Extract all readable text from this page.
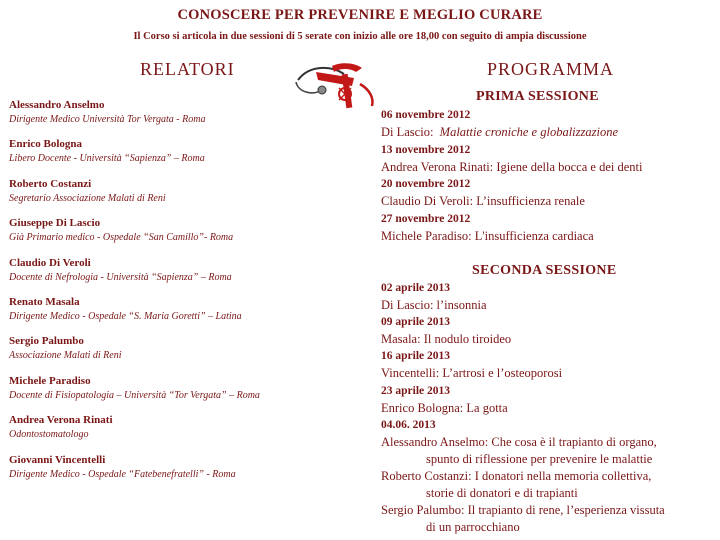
CONOSCERE PER PREVENIRE E MEGLIO CURARE
Il Corso si articola in due sessioni di 5 serate con inizio alle ore 18,00 con seguito di ampia discussione
RELATORI	PROGRAMMA
Alessandro Anselmo
Dirigente Medico Università Tor Vergata - Roma
Enrico Bologna
Libero Docente - Università “Sapienza” – Roma
Roberto Costanzi
Segretario Associazione Malati di Reni
Giuseppe Di Lascio
Già Primario medico - Ospedale “San Camillo”- Roma
Claudio Di Veroli
Docente di Nefrologia - Università “Sapienza” – Roma
Renato Masala
Dirigente Medico - Ospedale “S. Maria Goretti” – Latina
Sergio Palumbo
Associazione Malati di Reni
Michele Paradiso
Docente di Fisiopatologia – Università “Tor Vergata” – Roma
Andrea Verona Rinati
Odontostomatologo
Giovanni Vincentelli
Dirigente Medico - Ospedale “Fatebenefratelli” - Roma
PRIMA SESSIONE
06 novembre 2012
Di Lascio: Malattie croniche e globalizzazione
13 novembre 2012
Andrea Verona Rinati: Igiene della bocca e dei denti
20 novembre 2012
Claudio Di Veroli: L’insufficienza renale
27 novembre 2012
Michele Paradiso: L'insufficienza cardiaca
SECONDA SESSIONE
02 aprile 2013
Di Lascio: l’insonnia
09 aprile 2013
Masala: Il nodulo tiroideo
16 aprile 2013
Vincentelli: L’artrosi e l’osteoporosi
23 aprile 2013
Enrico Bologna: La gotta
04.06. 2013
Alessandro Anselmo: Che cosa è il trapianto di organo,
spunto di riflessione per prevenire le malattie
Roberto Costanzi: I donatori nella memoria collettiva,
storie di donatori e di trapianti
Sergio Palumbo: Il trapianto di rene, l’esperienza vissuta
di un parrocchiano
